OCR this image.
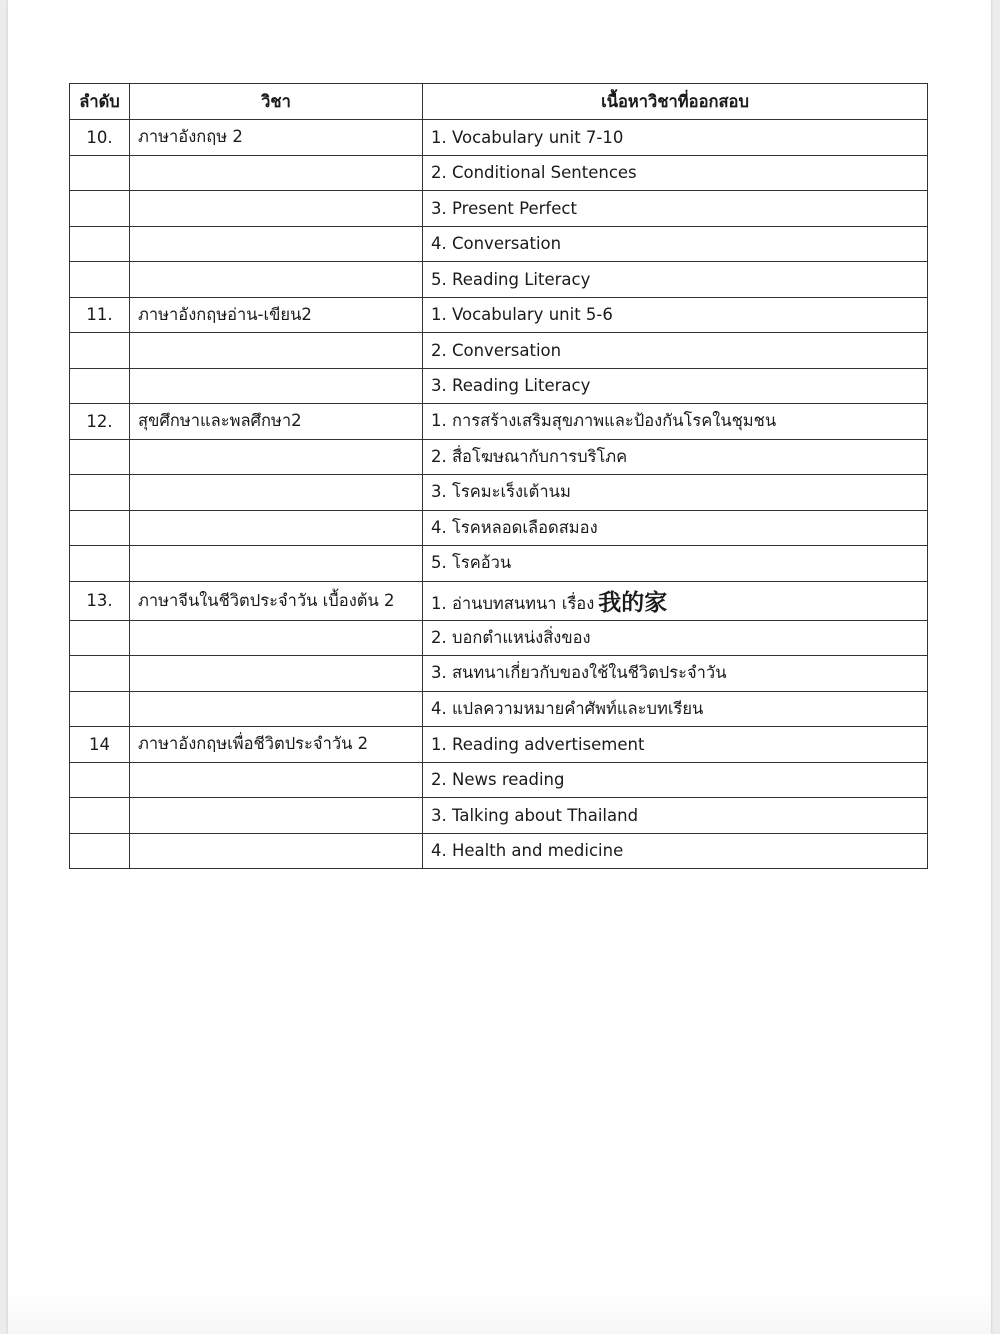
ลำดับ	วิชา	เนื้อหาวิชาที่ออกสอบ
10.	ภาษาอังกฤษ 2	1. Vocabulary unit 7-10
		2. Conditional Sentences
		3. Present Perfect
		4. Conversation
		5. Reading Literacy
11.	ภาษาอังกฤษอ่าน-เขียน2	1. Vocabulary unit 5-6
		2. Conversation
		3. Reading Literacy
12.	สุขศึกษาและพลศึกษา2	1. การสร้างเสริมสุขภาพและป้องกันโรคในชุมชน
		2. สื่อโฆษณากับการบริโภค
		3. โรคมะเร็งเต้านม
		4. โรคหลอดเลือดสมอง
		5. โรคอ้วน
13.	ภาษาจีนในชีวิตประจำวัน เบื้องต้น 2	1. อ่านบทสนทนา เรื่อง 我的家
		2. บอกตำแหน่งสิ่งของ
		3. สนทนาเกี่ยวกับของใช้ในชีวิตประจำวัน
		4. แปลความหมายคำศัพท์และบทเรียน
14	ภาษาอังกฤษเพื่อชีวิตประจำวัน 2	1. Reading advertisement
		2. News reading
		3. Talking about Thailand
		4. Health and medicine
